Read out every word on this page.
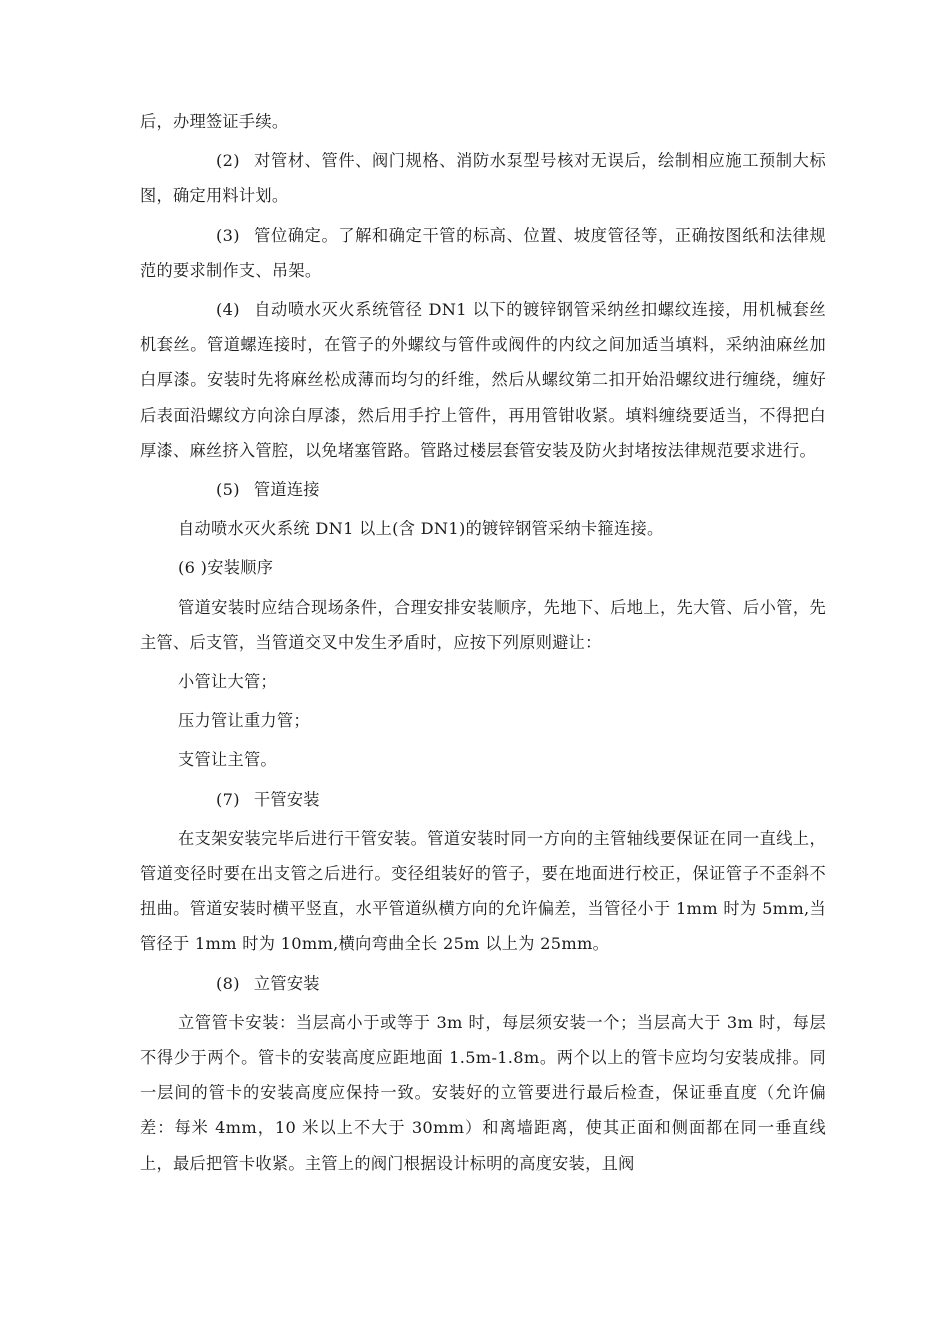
后，办理签证手续。

(2) 对管材、管件、阀门规格、消防水泵型号核对无误后，绘制相应施工预制大标图，确定用料计划。

(3) 管位确定。了解和确定干管的标高、位置、坡度管径等，正确按图纸和法律规范的要求制作支、吊架。

(4) 自动喷水灭火系统管径 DN1 以下的镀锌钢管采纳丝扣螺纹连接，用机械套丝机套丝。管道螺连接时，在管子的外螺纹与管件或阀件的内纹之间加适当填料，采纳油麻丝加白厚漆。安装时先将麻丝松成薄而均匀的纤维，然后从螺纹第二扣开始沿螺纹进行缠绕，缠好后表面沿螺纹方向涂白厚漆，然后用手拧上管件，再用管钳收紧。填料缠绕要适当，不得把白厚漆、麻丝挤入管腔，以免堵塞管路。管路过楼层套管安装及防火封堵按法律规范要求进行。

(5) 管道连接

自动喷水灭火系统 DN1 以上(含 DN1)的镀锌钢管采纳卡箍连接。

(6 )安装顺序

管道安装时应结合现场条件，合理安排安装顺序，先地下、后地上，先大管、后小管，先主管、后支管，当管道交叉中发生矛盾时，应按下列原则避让：

小管让大管；

压力管让重力管；

支管让主管。

(7) 干管安装

在支架安装完毕后进行干管安装。管道安装时同一方向的主管轴线要保证在同一直线上，管道变径时要在出支管之后进行。变径组装好的管子，要在地面进行校正，保证管子不歪斜不扭曲。管道安装时横平竖直，水平管道纵横方向的允许偏差，当管径小于 1mm 时为 5mm,当管径于 1mm 时为 10mm,横向弯曲全长 25m 以上为 25mm。

(8) 立管安装

立管管卡安装：当层高小于或等于 3m 时，每层须安装一个；当层高大于 3m 时，每层不得少于两个。管卡的安装高度应距地面 1.5m-1.8m。两个以上的管卡应均匀安装成排。同一层间的管卡的安装高度应保持一致。安装好的立管要进行最后检查，保证垂直度（允许偏差：每米 4mm，10 米以上不大于 30mm）和离墙距离，使其正面和侧面都在同一垂直线上，最后把管卡收紧。主管上的阀门根据设计标明的高度安装，且阀
